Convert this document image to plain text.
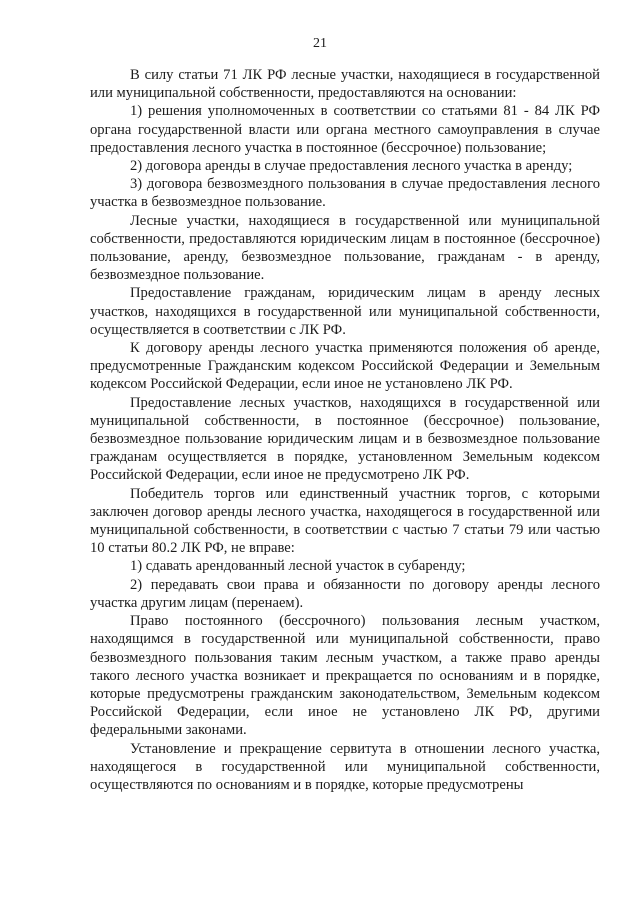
21

В силу статьи 71 ЛК РФ лесные участки, находящиеся в государственной или муниципальной собственности, предоставляются на основании:

1) решения уполномоченных в соответствии со статьями 81 - 84 ЛК РФ органа государственной власти или органа местного самоуправления в случае предоставления лесного участка в постоянное (бессрочное) пользование;

2) договора аренды в случае предоставления лесного участка в аренду;

3) договора безвозмездного пользования в случае предоставления лесного участка в безвозмездное пользование.

Лесные участки, находящиеся в государственной или муниципальной собственности, предоставляются юридическим лицам в постоянное (бессрочное) пользование, аренду, безвозмездное пользование, гражданам - в аренду, безвозмездное пользование.

Предоставление гражданам, юридическим лицам в аренду лесных участков, находящихся в государственной или муниципальной собственности, осуществляется в соответствии с ЛК РФ.

К договору аренды лесного участка применяются положения об аренде, предусмотренные Гражданским кодексом Российской Федерации и Земельным кодексом Российской Федерации, если иное не установлено ЛК РФ.

Предоставление лесных участков, находящихся в государственной или муниципальной собственности, в постоянное (бессрочное) пользование, безвозмездное пользование юридическим лицам и в безвозмездное пользование гражданам осуществляется в порядке, установленном Земельным кодексом Российской Федерации, если иное не предусмотрено ЛК РФ.

Победитель торгов или единственный участник торгов, с которыми заключен договор аренды лесного участка, находящегося в государственной или муниципальной собственности, в соответствии с частью 7 статьи 79 или частью 10 статьи 80.2 ЛК РФ, не вправе:

1) сдавать арендованный лесной участок в субаренду;

2) передавать свои права и обязанности по договору аренды лесного участка другим лицам (перенаем).

Право постоянного (бессрочного) пользования лесным участком, находящимся в государственной или муниципальной собственности, право безвозмездного пользования таким лесным участком, а также право аренды такого лесного участка возникает и прекращается по основаниям и в порядке, которые предусмотрены гражданским законодательством, Земельным кодексом Российской Федерации, если иное не установлено ЛК РФ, другими федеральными законами.

Установление и прекращение сервитута в отношении лесного участка, находящегося в государственной или муниципальной собственности, осуществляются по основаниям и в порядке, которые предусмотрены
